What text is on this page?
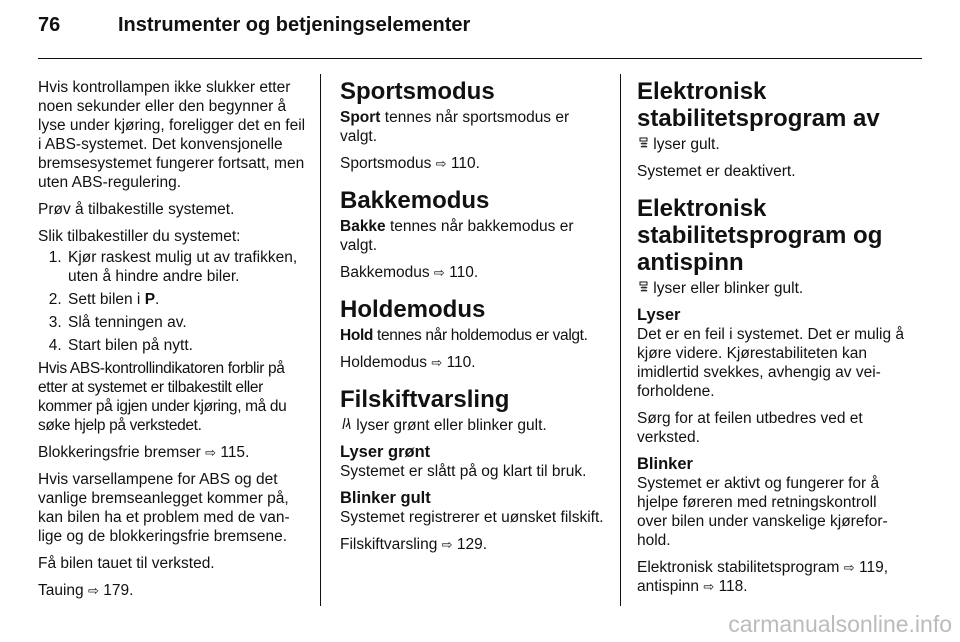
76	Instrumenter og betjeningselementer

Hvis kontrollampen ikke slukker etter noen sekunder eller den begynner å lyse under kjøring, foreligger det en feil i ABS-systemet. Det konvensjonelle bremsesystemet fungerer fortsatt, men uten ABS-regulering.

Prøv å tilbakestille systemet.

Slik tilbakestiller du systemet:

1. Kjør raskest mulig ut av trafikken, uten å hindre andre biler.
2. Sett bilen i P.
3. Slå tenningen av.
4. Start bilen på nytt.

Hvis ABS-kontrollindikatoren forblir på etter at systemet er tilbakestilt eller kommer på igjen under kjøring, må du søke hjelp på verkstedet.

Blokkeringsfrie bremser ⇨ 115.

Hvis varsellampene for ABS og det vanlige bremseanlegget kommer på, kan bilen ha et problem med de vanlige og de blokkeringsfrie bremsene.

Få bilen tauet til verksted.

Tauing ⇨ 179.

Sportsmodus

Sport tennes når sportsmodus er valgt.

Sportsmodus ⇨ 110.

Bakkemodus

Bakke tennes når bakkemodus er valgt.

Bakkemodus ⇨ 110.

Holdemodus

Hold tennes når holdemodus er valgt.

Holdemodus ⇨ 110.

Filskiftvarsling

lyser grønt eller blinker gult.

Lyser grønt

Systemet er slått på og klart til bruk.

Blinker gult

Systemet registrerer et uønsket filskift.

Filskiftvarsling ⇨ 129.

Elektronisk stabilitetsprogram av

lyser gult.

Systemet er deaktivert.

Elektronisk stabilitetsprogram og antispinn

lyser eller blinker gult.

Lyser

Det er en feil i systemet. Det er mulig å kjøre videre. Kjørestabiliteten kan imidlertid svekkes, avhengig av veiforholdene.

Sørg for at feilen utbedres ved et verksted.

Blinker

Systemet er aktivt og fungerer for å hjelpe føreren med retningskontroll over bilen under vanskelige kjøreforhold.

Elektronisk stabilitetsprogram ⇨ 119,

antispinn ⇨ 118.

carmanualsonline.info
